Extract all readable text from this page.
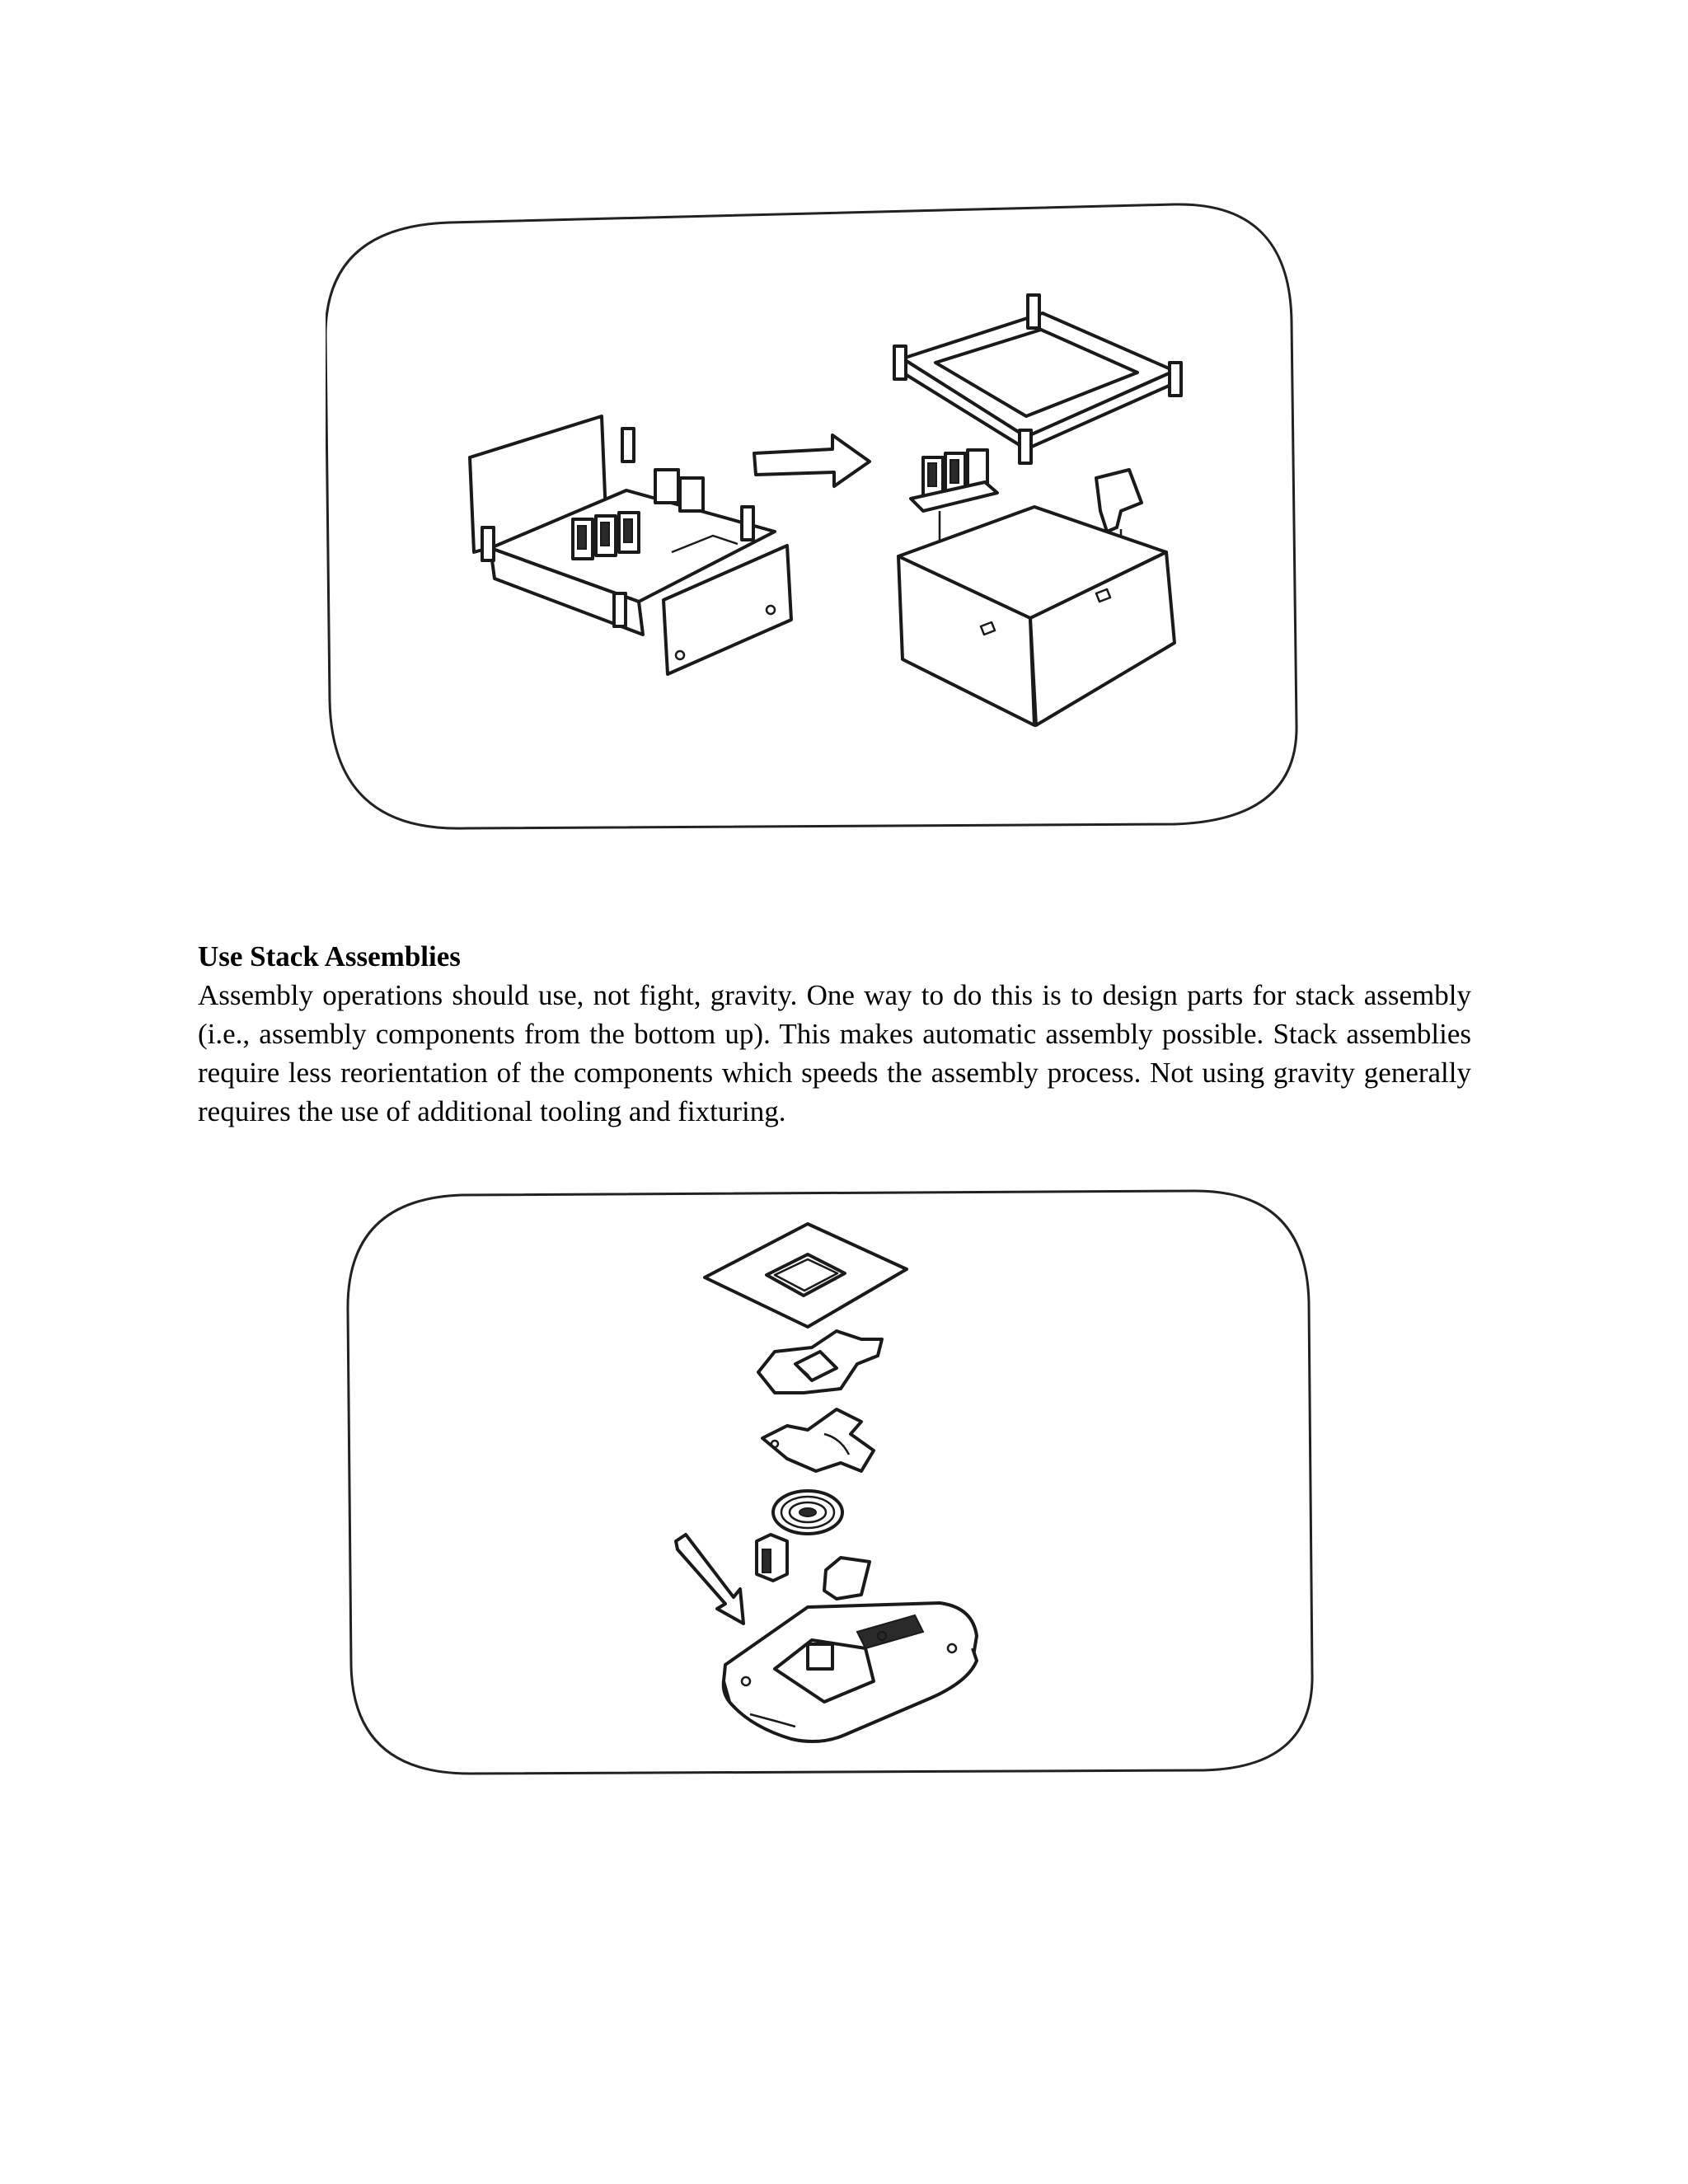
Use Stack Assemblies

Assembly operations should use, not fight, gravity. One way to do this is to design parts for stack assembly (i.e., assembly components from the bottom up). This makes automatic assembly possible. Stack assemblies require less reorientation of the components which speeds the assembly process. Not using gravity generally requires the use of additional tooling and fixturing.
